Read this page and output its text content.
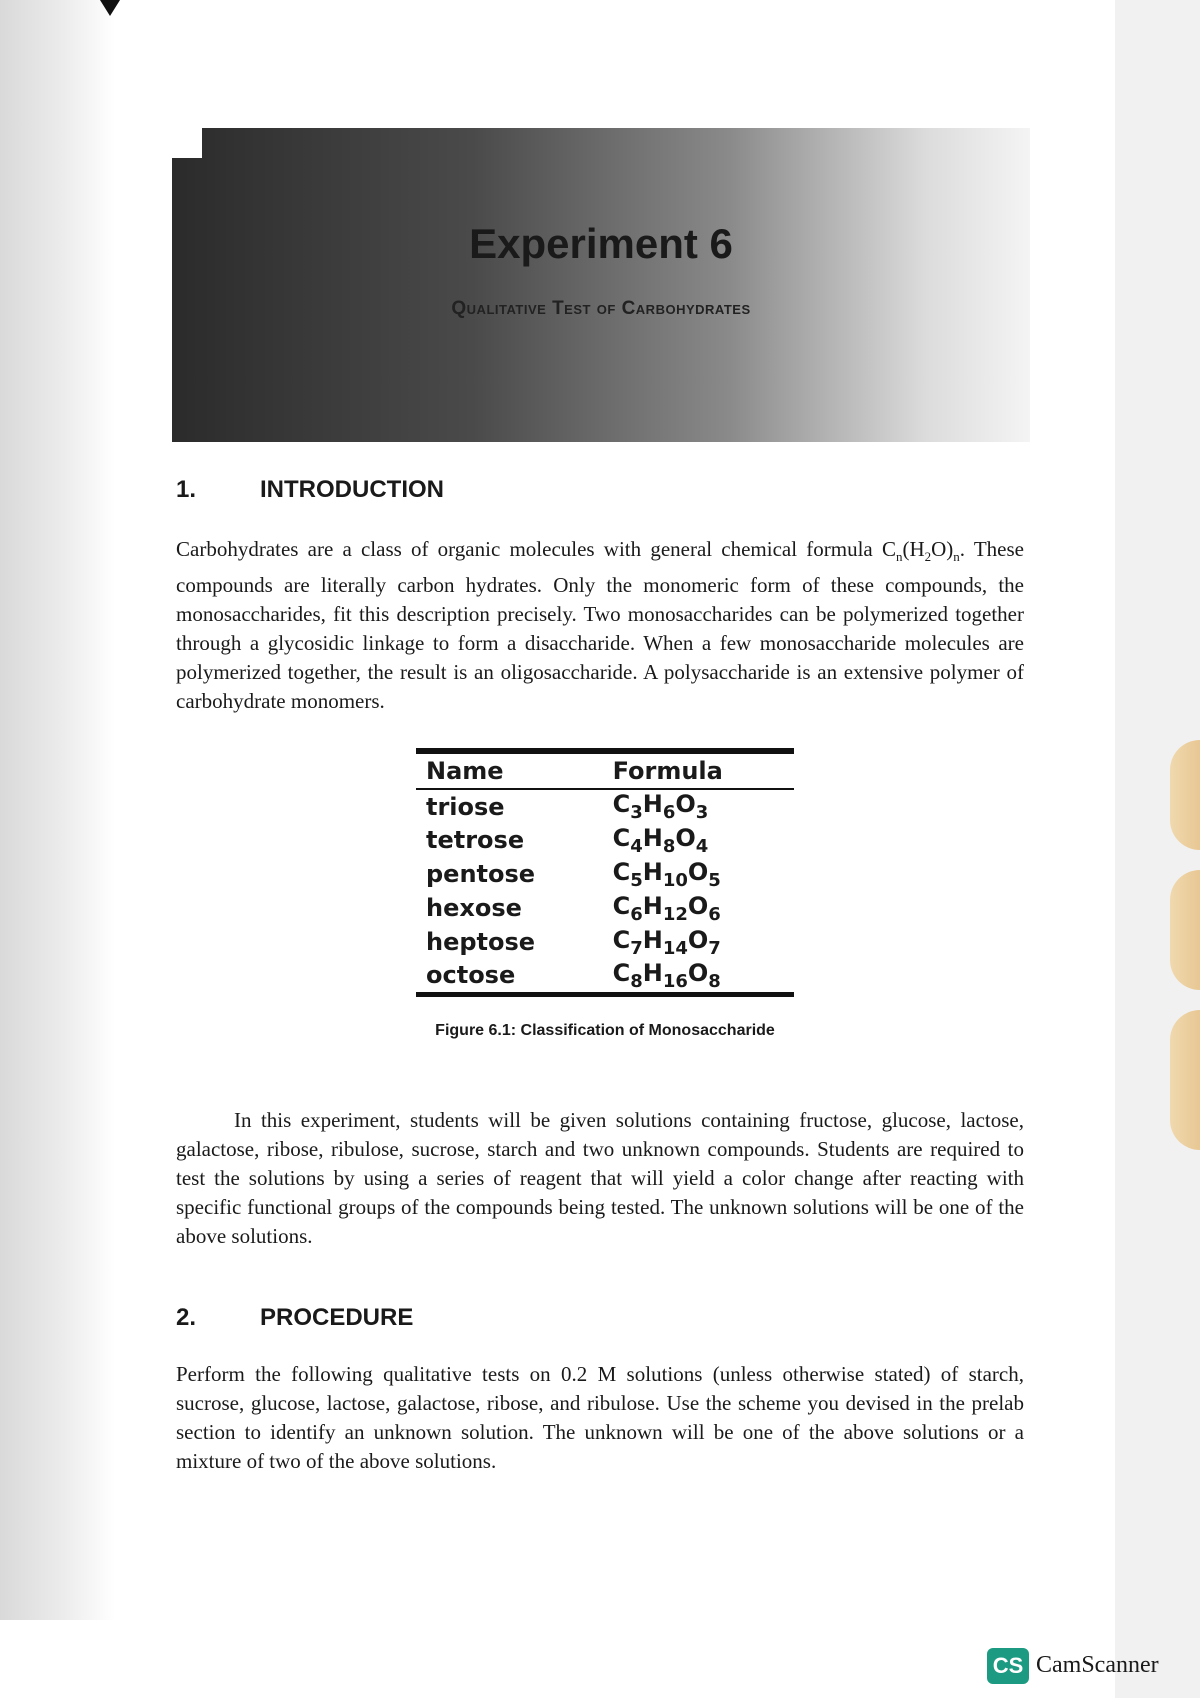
Experiment 6
Qualitative Test of Carbohydrates
1.	INTRODUCTION

Carbohydrates are a class of organic molecules with general chemical formula $C_n(H_2O)_n$. These compounds are literally carbon hydrates. Only the monomeric form of these compounds, the monosaccharides, fit this description precisely. Two monosaccharides can be polymerized together through a glycosidic linkage to form a disaccharide. When a few monosaccharide molecules are polymerized together, the result is an oligosaccharide. A polysaccharide is an extensive polymer of carbohydrate monomers.

Name	Formula
triose	$C_3H_6O_3$
tetrose	$C_4H_8O_4$
pentose	$C_5H_{10}O_5$
hexose	$C_6H_{12}O_6$
heptose	$C_7H_{14}O_7$
octose	$C_8H_{16}O_8$
Figure 6.1: Classification of Monosaccharide

In this experiment, students will be given solutions containing fructose, glucose, lactose, galactose, ribose, ribulose, sucrose, starch and two unknown compounds. Students are required to test the solutions by using a series of reagent that will yield a color change after reacting with specific functional groups of the compounds being tested. The unknown solutions will be one of the above solutions.

2.	PROCEDURE

Perform the following qualitative tests on 0.2 M solutions (unless otherwise stated) of starch, sucrose, glucose, lactose, galactose, ribose, and ribulose. Use the scheme you devised in the prelab section to identify an unknown solution. The unknown will be one of the above solutions or a mixture of two of the above solutions.

CS CamScanner
